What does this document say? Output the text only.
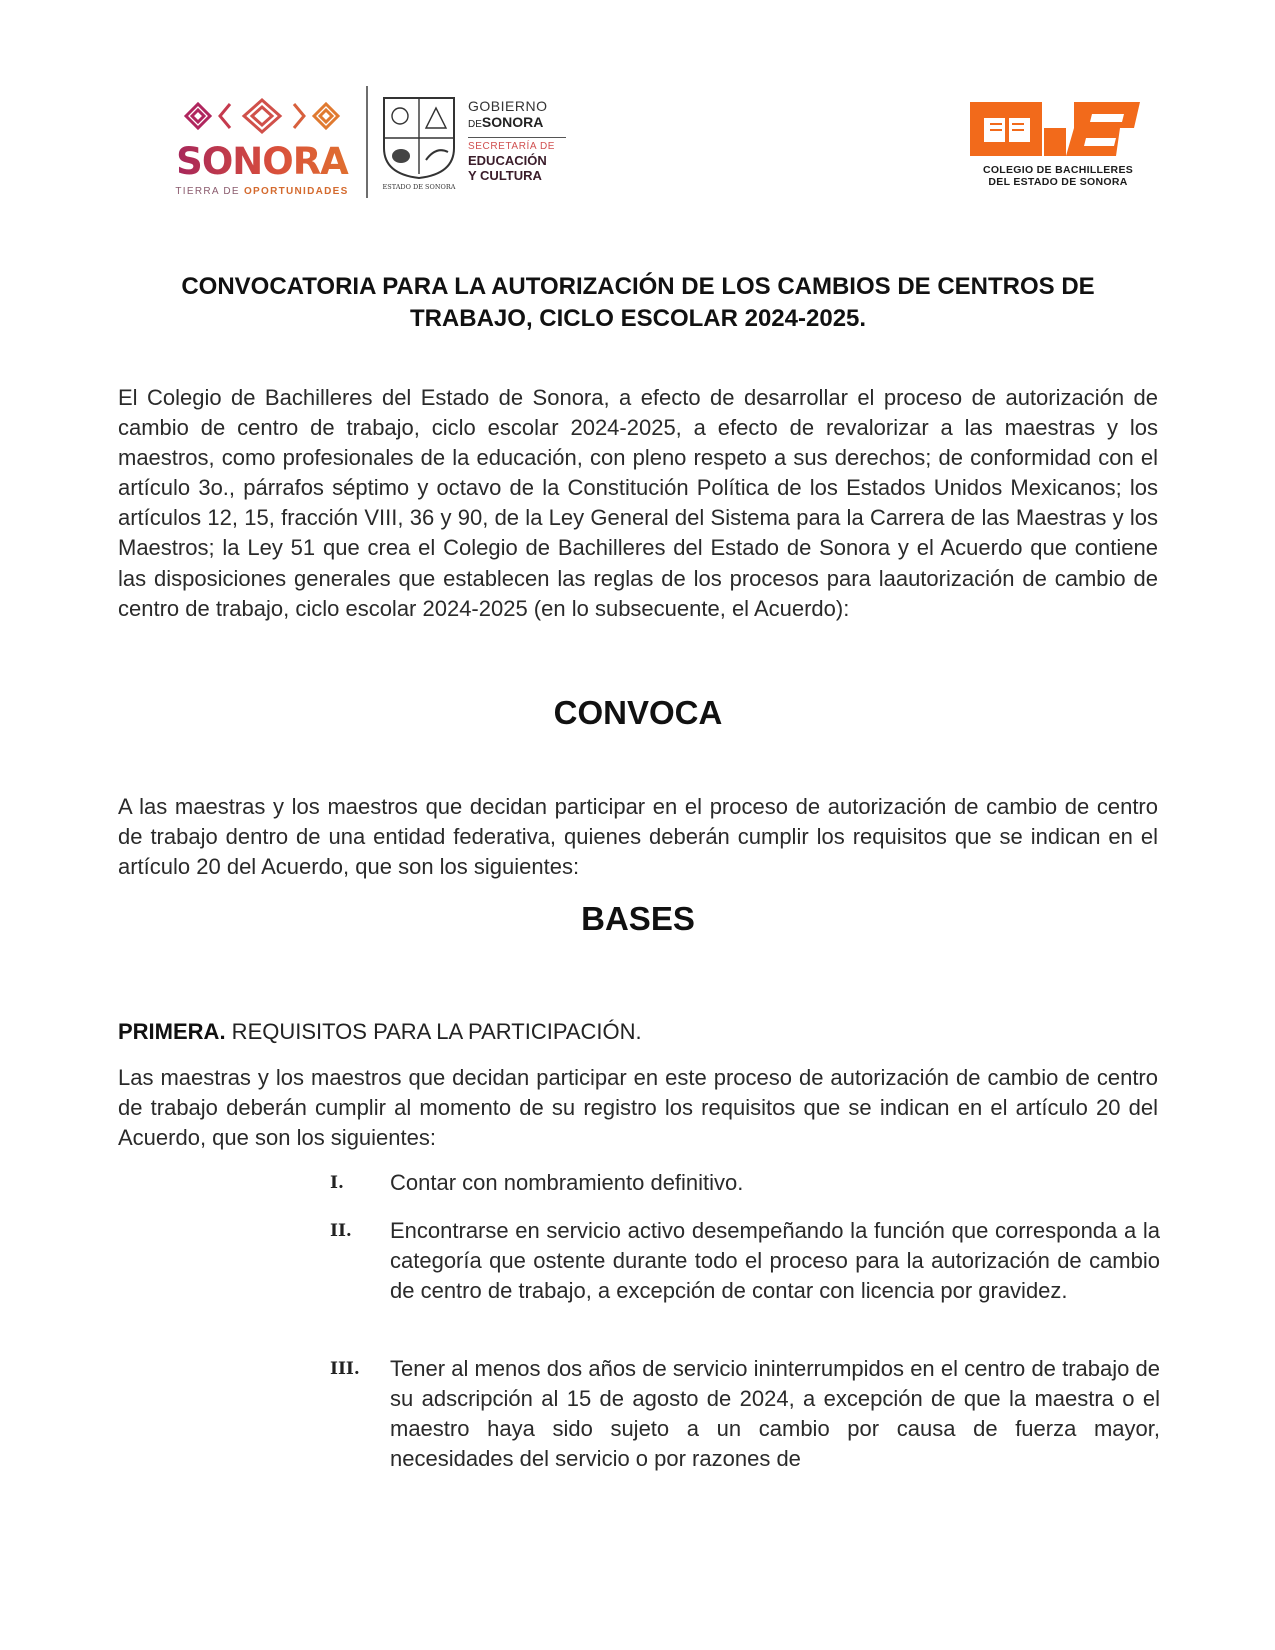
SONORA
TIERRA DE OPORTUNIDADES	ESTADO DE SONORA
GOBIERNO
DESONORA
SECRETARÍA DE
EDUCACIÓN
Y CULTURA	COLEGIO DE BACHILLERES
DEL ESTADO DE SONORA
CONVOCATORIA PARA LA AUTORIZACIÓN DE LOS CAMBIOS DE CENTROS DE TRABAJO, CICLO ESCOLAR 2024-2025.

El Colegio de Bachilleres del Estado de Sonora, a efecto de desarrollar el proceso de autorización de cambio de centro de trabajo, ciclo escolar 2024-2025, a efecto de revalorizar a las maestras y los maestros, como profesionales de la educación, con pleno respeto a sus derechos; de conformidad con el artículo 3o., párrafos séptimo y octavo de la Constitución Política de los Estados Unidos Mexicanos; los artículos 12, 15, fracción VIII, 36 y 90, de la Ley General del Sistema para la Carrera de las Maestras y los Maestros; la Ley 51 que crea el Colegio de Bachilleres del Estado de Sonora y el Acuerdo que contiene las disposiciones generales que establecen las reglas de los procesos para laautorización de cambio de centro de trabajo, ciclo escolar 2024-2025 (en lo subsecuente, el Acuerdo):

CONVOCA

A las maestras y los maestros que decidan participar en el proceso de autorización de cambio de centro de trabajo dentro de una entidad federativa, quienes deberán cumplir los requisitos que se indican en el artículo 20 del Acuerdo, que son los siguientes:

BASES
PRIMERA. REQUISITOS PARA LA PARTICIPACIÓN.

Las maestras y los maestros que decidan participar en este proceso de autorización de cambio de centro de trabajo deberán cumplir al momento de su registro los requisitos que se indican en el artículo 20 del Acuerdo, que son los siguientes:

I. Contar con nombramiento definitivo.

II. Encontrarse en servicio activo desempeñando la función que corresponda a la categoría que ostente durante todo el proceso para la autorización de cambio de centro de trabajo, a excepción de contar con licencia por gravidez.

III. Tener al menos dos años de servicio ininterrumpidos en el centro de trabajo de su adscripción al 15 de agosto de 2024, a excepción de que la maestra o el maestro haya sido sujeto a un cambio por causa de fuerza mayor, necesidades del servicio o por razones de
